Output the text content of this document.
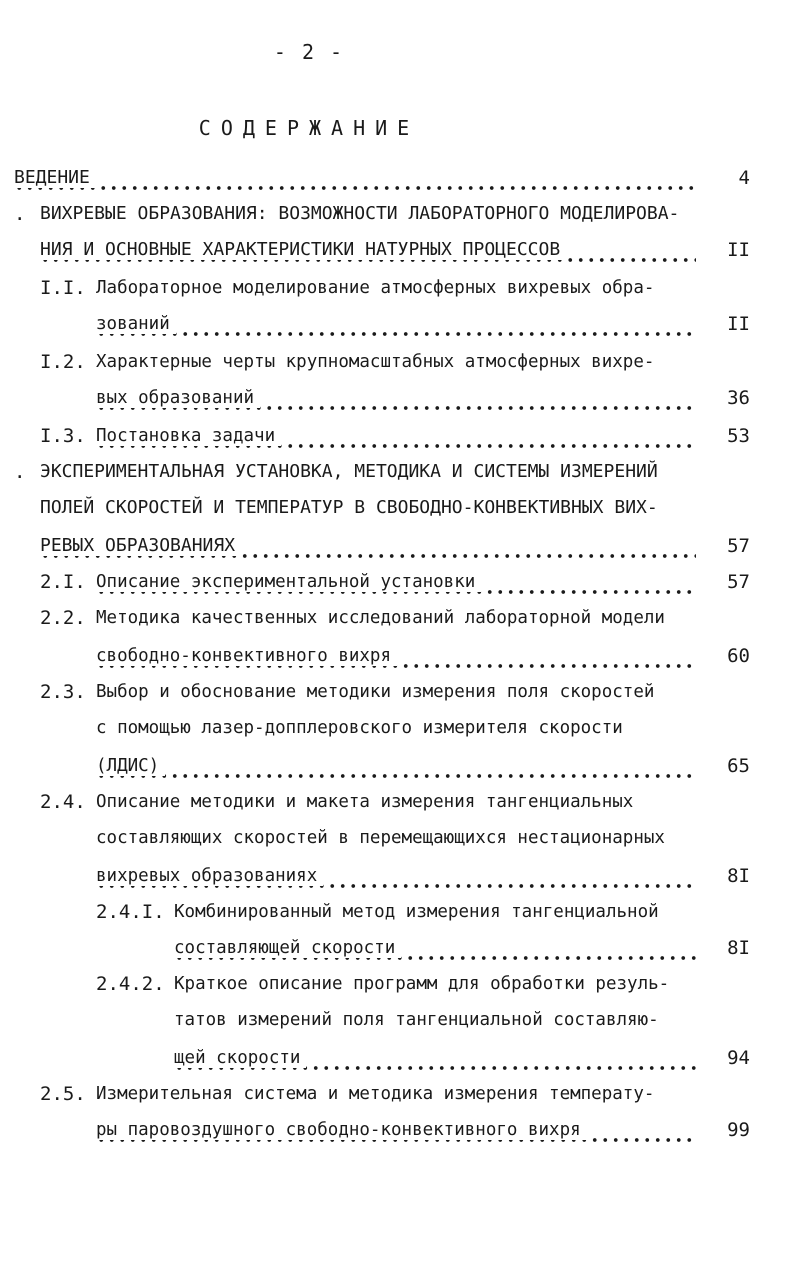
- 2 -
СОДЕРЖАНИЕ
ВЕДЕНИЕ	4
. ВИХРЕВЫЕ ОБРАЗОВАНИЯ: ВОЗМОЖНОСТИ ЛАБОРАТОРНОГО МОДЕЛИРОВА-
НИЯ И ОСНОВНЫЕ ХАРАКТЕРИСТИКИ НАТУРНЫХ ПРОЦЕССОВ	II
I.I. Лабораторное моделирование атмосферных вихревых обра-
зований	II
I.2. Характерные черты крупномасштабных атмосферных вихре-
вых образований	36
I.3. Постановка задачи	53
. ЭКСПЕРИМЕНТАЛЬНАЯ УСТАНОВКА, МЕТОДИКА И СИСТЕМЫ ИЗМЕРЕНИЙ
ПОЛЕЙ СКОРОСТЕЙ И ТЕМПЕРАТУР В СВОБОДНО-КОНВЕКТИВНЫХ ВИХ-
РЕВЫХ ОБРАЗОВАНИЯХ	57
2.I. Описание экспериментальной установки	57
2.2. Методика качественных исследований лабораторной модели
свободно-конвективного вихря	60
2.3. Выбор и обоснование методики измерения поля скоростей
с помощью лазер-допплеровского измерителя скорости
(ЛДИС)	65
2.4. Описание методики и макета измерения тангенциальных
составляющих скоростей в перемещающихся нестационарных
вихревых образованиях	8I
2.4.I. Комбинированный метод измерения тангенциальной
составляющей скорости	8I
2.4.2. Краткое описание программ для обработки резуль-
татов измерений поля тангенциальной составляю-
щей скорости	94
2.5. Измерительная система и методика измерения температу-
ры паровоздушного свободно-конвективного вихря	99
